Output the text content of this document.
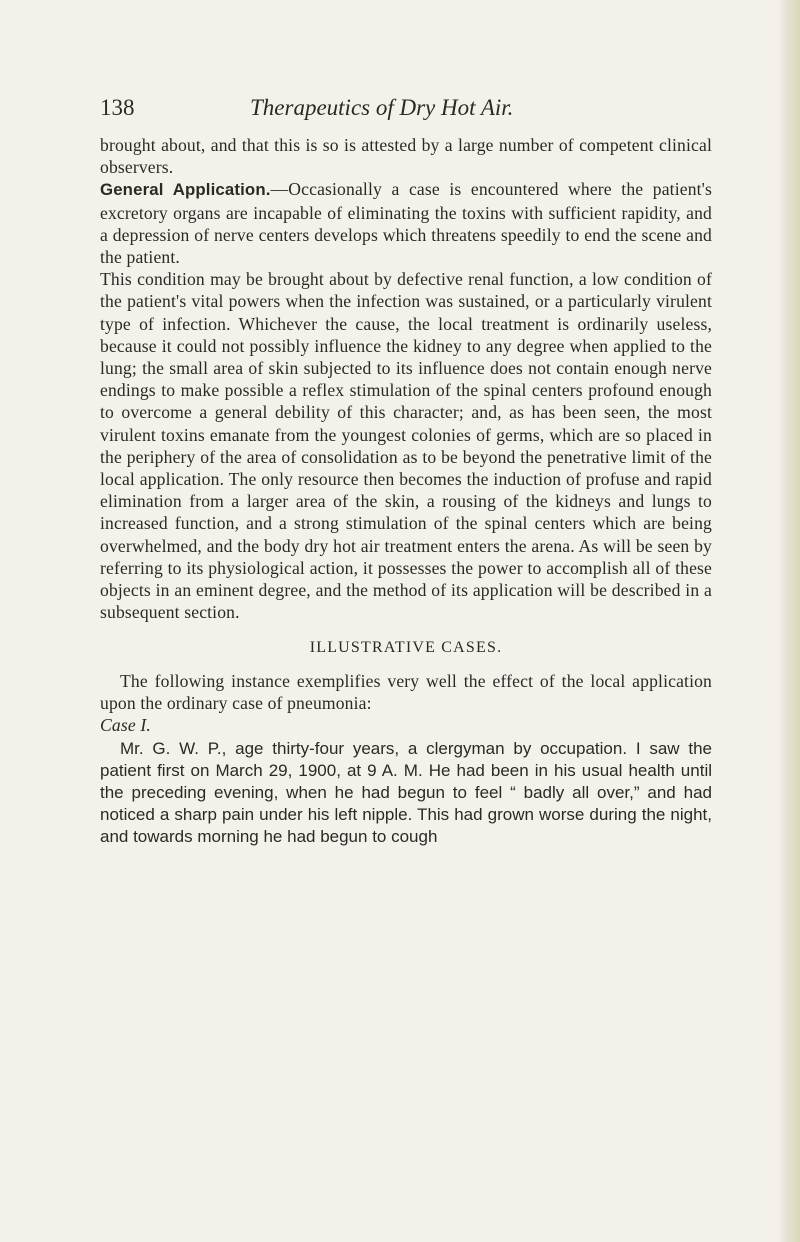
138	Therapeutics of Dry Hot Air.

brought about, and that this is so is attested by a large number of competent clinical observers.

General Application.—Occasionally a case is encountered where the patient's excretory organs are incapable of eliminating the toxins with sufficient rapidity, and a depression of nerve centers develops which threatens speedily to end the scene and the patient.

This condition may be brought about by defective renal function, a low condition of the patient's vital powers when the infection was sustained, or a particularly virulent type of infection. Whichever the cause, the local treatment is ordinarily useless, because it could not possibly influence the kidney to any degree when applied to the lung; the small area of skin subjected to its influence does not contain enough nerve endings to make possible a reflex stimulation of the spinal centers profound enough to overcome a general debility of this character; and, as has been seen, the most virulent toxins emanate from the youngest colonies of germs, which are so placed in the periphery of the area of consolidation as to be beyond the penetrative limit of the local application. The only resource then becomes the induction of profuse and rapid elimination from a larger area of the skin, a rousing of the kidneys and lungs to increased function, and a strong stimulation of the spinal centers which are being overwhelmed, and the body dry hot air treatment enters the arena. As will be seen by referring to its physiological action, it possesses the power to accomplish all of these objects in an eminent degree, and the method of its application will be described in a subsequent section.

ILLUSTRATIVE CASES.

The following instance exemplifies very well the effect of the local application upon the ordinary case of pneumonia:

Case I.

Mr. G. W. P., age thirty-four years, a clergyman by occupation. I saw the patient first on March 29, 1900, at 9 A. M. He had been in his usual health until the preceding evening, when he had begun to feel “ badly all over,” and had noticed a sharp pain under his left nipple. This had grown worse during the night, and towards morning he had begun to cough
